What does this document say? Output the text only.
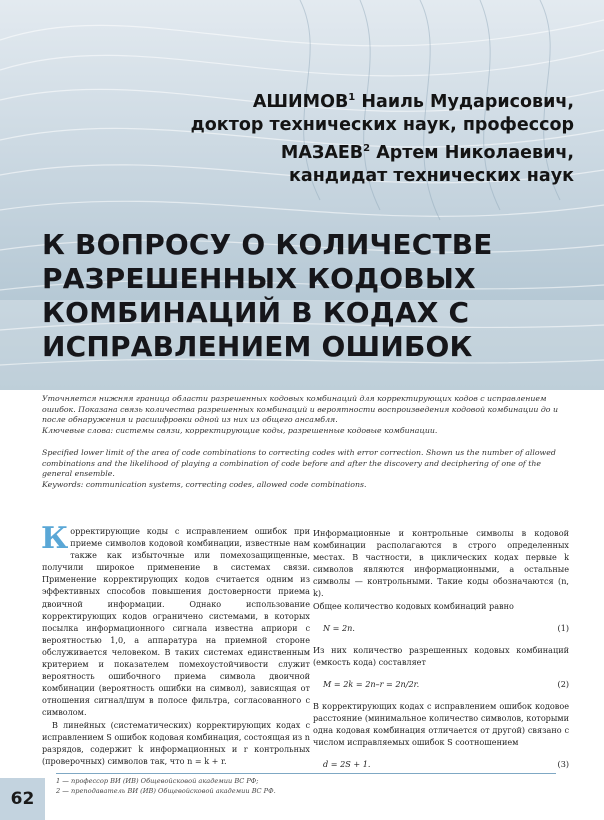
АШИМОВ$^1$ Наиль Мударисович,
доктор технических наук, профессор
МАЗАЕВ$^2$ Артем Николаевич,
кандидат технических наук
К ВОПРОСУ О КОЛИЧЕСТВЕ
РАЗРЕШЕННЫХ КОДОВЫХ
КОМБИНАЦИЙ В КОДАХ С
ИСПРАВЛЕНИЕМ ОШИБОК

Уточняется нижняя граница области разрешенных кодовых комбинаций для корректирующих кодов с исправлением ошибок. Показана связь количества разрешенных комбинаций и вероятности воспроизведения кодовой комбинации до и после обнаружения и расшифровки одной из них из общего ансамбля.

Ключевые слова: системы связи, корректирующие коды, разрешенные кодовые комбинации.

Specified lower limit of the area of code combinations to correcting codes with error correction. Shown us the number of allowed combinations and the likelihood of playing a combination of code before and after the discovery and deciphering of one of the general ensemble.

Keywords: communication systems, correcting codes, allowed code combinations.

Корректирующие коды с исправлением ошибок при приеме символов кодовой комбинации, известные нам также как избыточные или помехозащищенные, получили широкое применение в системах связи. Применение корректирующих кодов считается одним из эффективных способов повышения достоверности приема двоичной информации. Однако использование корректирующих кодов ограничено системами, в которых посылка информационного сигнала известна априори с вероятностью 1,0, а аппаратура на приемной стороне обслуживается человеком. В таких системах единственным критерием и показателем помехоустойчивости служит вероятность ошибочного приема символа двоичной комбинации (вероятность ошибки на символ), зависящая от отношения сигнал/шум в полосе фильтра, согласованного с символом.

В линейных (систематических) корректирующих кодах с исправлением S ошибок кодовая комбинация, состоящая из n разрядов, содержит k информационных и r контрольных (проверочных) символов так, что n = k + r.

Информационные и контрольные символы в кодовой комбинации располагаются в строго определенных местах. В частности, в циклических кодах первые k символов являются информационными, а остальные символы — контрольными. Такие коды обозначаются (n, k).

Общее количество кодовых комбинаций равно

N = 2n.	(1)

Из них количество разрешенных кодовых комбинаций (емкость кода) составляет

M = 2k = 2n–r = 2n/2r.	(2)

В корректирующих кодах с исправлением ошибок кодовое расстояние (минимальное количество символов, которыми одна кодовая комбинация отличается от другой) связано с числом исправляемых ошибок S соотношением

d = 2S + 1.	(3)
1 — профессор ВИ (ИВ) Общевойсковой академии ВС РФ;
2 — преподаватель ВИ (ИВ) Общевойсковой академии ВС РФ.
62
